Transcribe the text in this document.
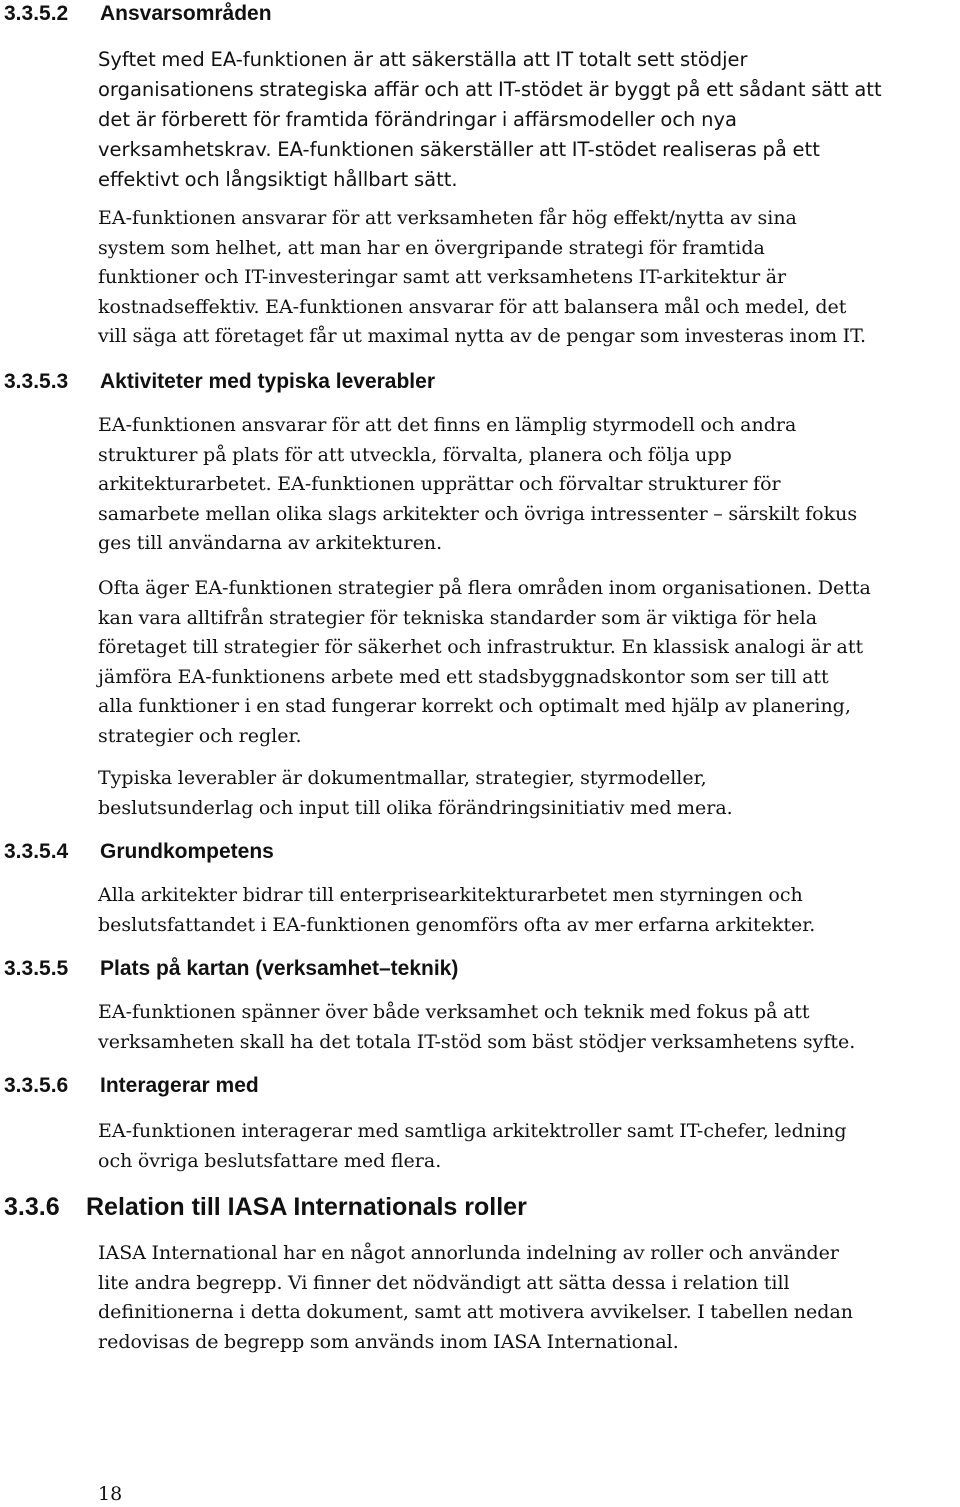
3.3.5.2 Ansvarsområden
Syftet med EA-funktionen är att säkerställa att IT totalt sett stödjer
organisationens strategiska affär och att IT-stödet är byggt på ett sådant sätt att
det är förberett för framtida förändringar i affärsmodeller och nya
verksamhetskrav. EA-funktionen säkerställer att IT-stödet realiseras på ett
effektivt och långsiktigt hållbart sätt.
EA-funktionen ansvarar för att verksamheten får hög effekt/nytta av sina
system som helhet, att man har en övergripande strategi för framtida
funktioner och IT-investeringar samt att verksamhetens IT-arkitektur är
kostnadseffektiv. EA-funktionen ansvarar för att balansera mål och medel, det
vill säga att företaget får ut maximal nytta av de pengar som investeras inom IT.
3.3.5.3 Aktiviteter med typiska leverabler
EA-funktionen ansvarar för att det finns en lämplig styrmodell och andra
strukturer på plats för att utveckla, förvalta, planera och följa upp
arkitekturarbetet. EA-funktionen upprättar och förvaltar strukturer för
samarbete mellan olika slags arkitekter och övriga intressenter – särskilt fokus
ges till användarna av arkitekturen.
Ofta äger EA-funktionen strategier på flera områden inom organisationen. Detta
kan vara alltifrån strategier för tekniska standarder som är viktiga för hela
företaget till strategier för säkerhet och infrastruktur. En klassisk analogi är att
jämföra EA-funktionens arbete med ett stadsbyggnadskontor som ser till att
alla funktioner i en stad fungerar korrekt och optimalt med hjälp av planering,
strategier och regler.
Typiska leverabler är dokumentmallar, strategier, styrmodeller,
beslutsunderlag och input till olika förändringsinitiativ med mera.
3.3.5.4 Grundkompetens
Alla arkitekter bidrar till enterprisearkitekturarbetet men styrningen och
beslutsfattandet i EA-funktionen genomförs ofta av mer erfarna arkitekter.
3.3.5.5 Plats på kartan (verksamhet–teknik)
EA-funktionen spänner över både verksamhet och teknik med fokus på att
verksamheten skall ha det totala IT-stöd som bäst stödjer verksamhetens syfte.
3.3.5.6 Interagerar med
EA-funktionen interagerar med samtliga arkitektroller samt IT-chefer, ledning
och övriga beslutsfattare med flera.
3.3.6 Relation till IASA Internationals roller
IASA International har en något annorlunda indelning av roller och använder
lite andra begrepp. Vi finner det nödvändigt att sätta dessa i relation till
definitionerna i detta dokument, samt att motivera avvikelser. I tabellen nedan
redovisas de begrepp som används inom IASA International.
18
